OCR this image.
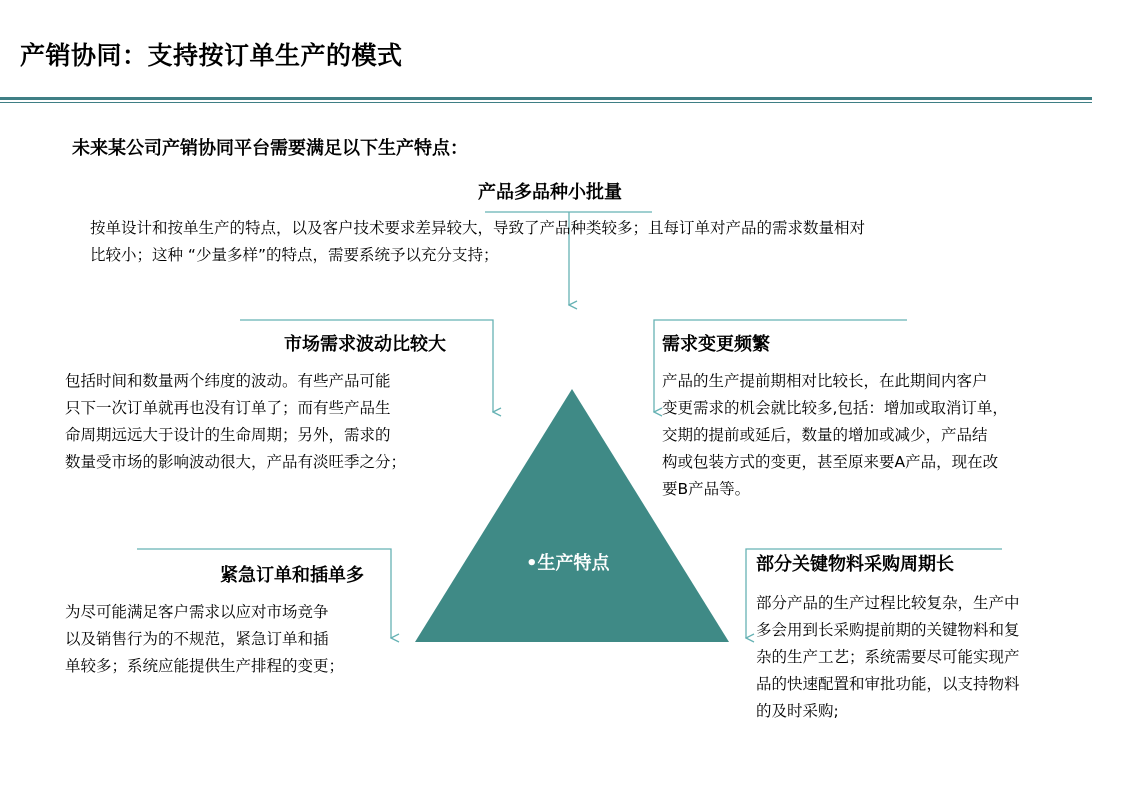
产销协同：支持按订单生产的模式
未来某公司产销协同平台需要满足以下生产特点：
•生产特点
产品多品种小批量
按单设计和按单生产的特点，以及客户技术要求差异较大，导致了产品种类较多；且每订单对产品的需求数量相对
比较小；这种 “少量多样”的特点，需要系统予以充分支持；
市场需求波动比较大
包括时间和数量两个纬度的波动。有些产品可能
只下一次订单就再也没有订单了；而有些产品生
命周期远远大于设计的生命周期；另外，需求的
数量受市场的影响波动很大，产品有淡旺季之分；
需求变更频繁
产品的生产提前期相对比较长，在此期间内客户
变更需求的机会就比较多,包括：增加或取消订单，
交期的提前或延后，数量的增加或减少，产品结
构或包装方式的变更，甚至原来要A产品，现在改
要B产品等。
紧急订单和插单多
为尽可能满足客户需求以应对市场竞争
以及销售行为的不规范，紧急订单和插
单较多；系统应能提供生产排程的变更；
部分关键物料采购周期长
部分产品的生产过程比较复杂，生产中
多会用到长采购提前期的关键物料和复
杂的生产工艺；系统需要尽可能实现产
品的快速配置和审批功能，以支持物料
的及时采购;
